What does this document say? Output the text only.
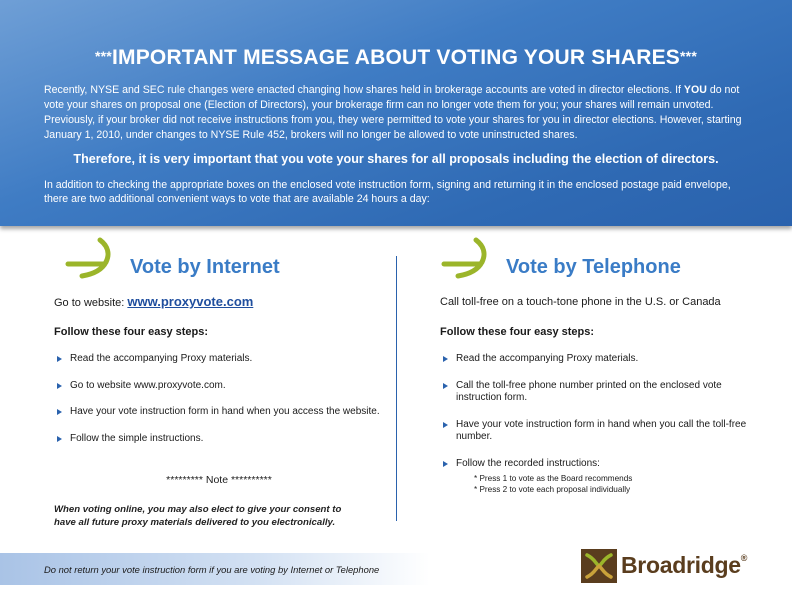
***IMPORTANT MESSAGE ABOUT VOTING YOUR SHARES***
Recently, NYSE and SEC rule changes were enacted changing how shares held in brokerage accounts are voted in director elections. If YOU do not vote your shares on proposal one (Election of Directors), your brokerage firm can no longer vote them for you; your shares will remain unvoted. Previously, if your broker did not receive instructions from you, they were permitted to vote your shares for you in director elections. However, starting January 1, 2010, under changes to NYSE Rule 452, brokers will no longer be allowed to vote uninstructed shares.
Therefore, it is very important that you vote your shares for all proposals including the election of directors.
In addition to checking the appropriate boxes on the enclosed vote instruction form, signing and returning it in the enclosed postage paid envelope, there are two additional convenient ways to vote that are available 24 hours a day:
Vote by Internet
Go to website: www.proxyvote.com
Follow these four easy steps:
Read the accompanying Proxy materials.
Go to website www.proxyvote.com.
Have your vote instruction form in hand when you access the website.
Follow the simple instructions.
********* Note **********
When voting online, you may also elect to give your consent to have all future proxy materials delivered to you electronically.
Vote by Telephone
Call toll-free on a touch-tone phone in the U.S. or Canada
Follow these four easy steps:
Read the accompanying Proxy materials.
Call the toll-free phone number printed on the enclosed vote instruction form.
Have your vote instruction form in hand when you call the toll-free number.
Follow the recorded instructions:
* Press 1 to vote as the Board recommends
* Press 2 to vote each proposal individually
Do not return your vote instruction form if you are voting by Internet or Telephone	Broadridge®
